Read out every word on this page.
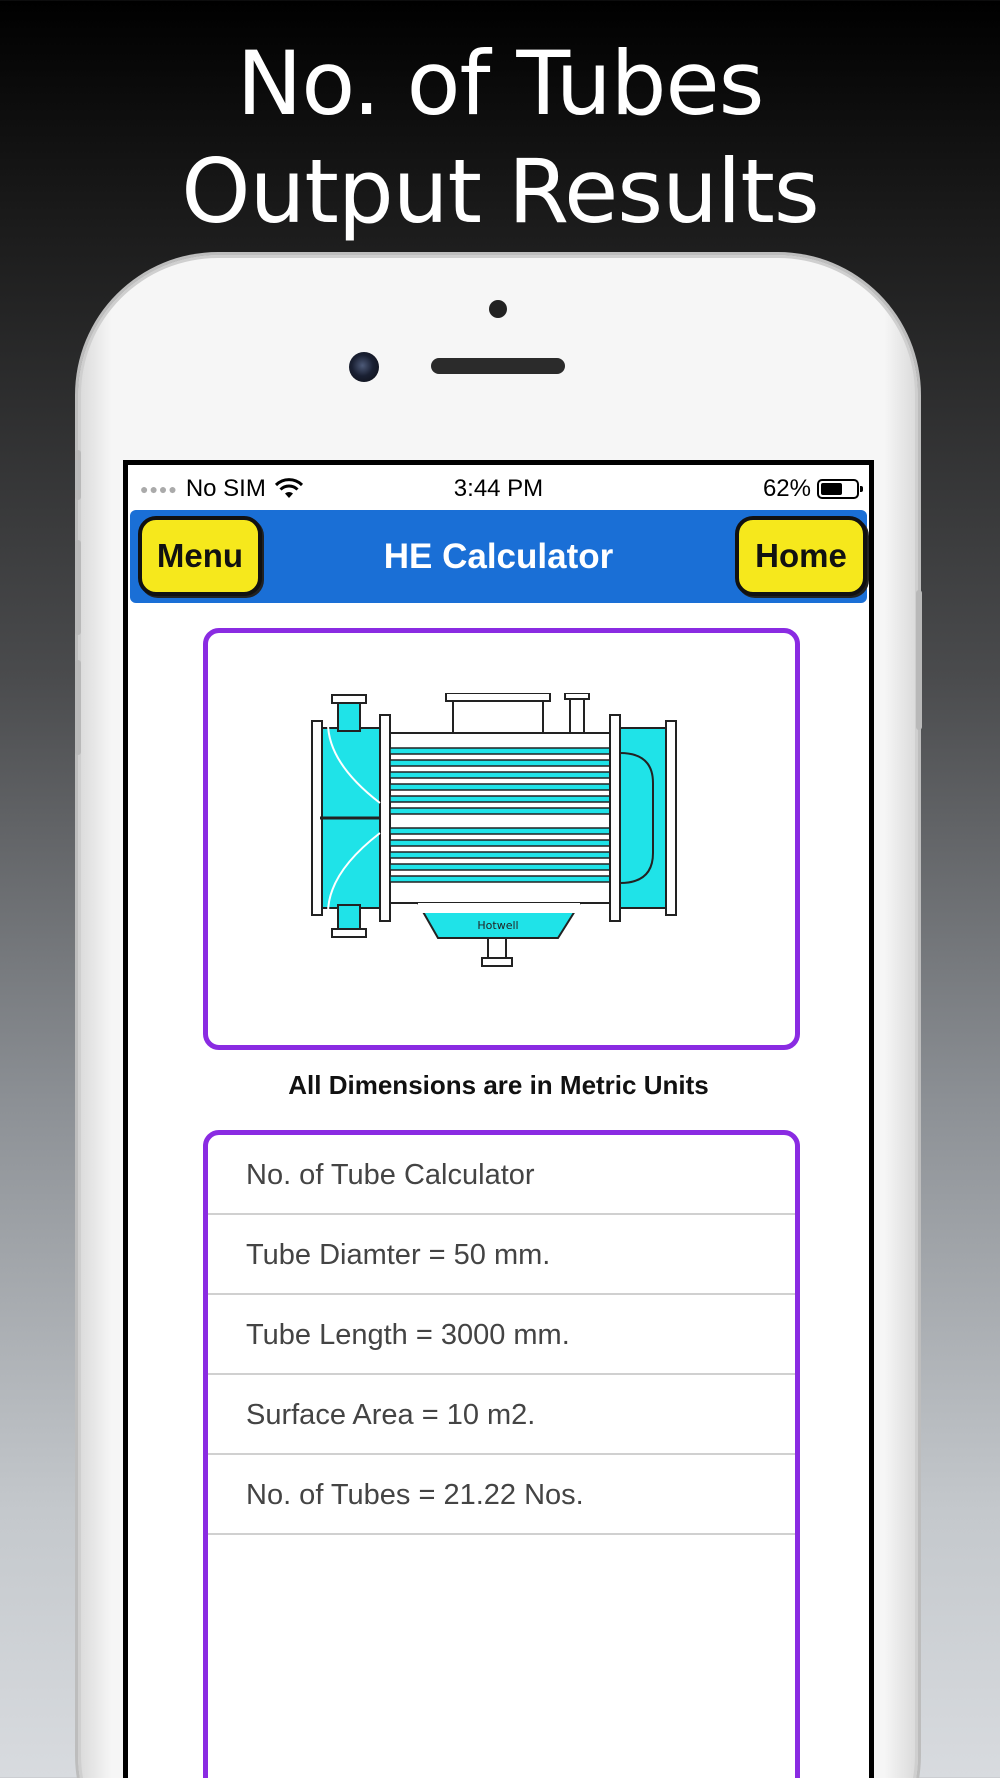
No. of Tubes
Output Results
●●●● No SIM	3:44 PM	62%
HE Calculator
Menu	Home
Hotwell
All Dimensions are in Metric Units
No. of Tube Calculator
Tube Diamter = 50 mm.
Tube Length = 3000 mm.
Surface Area = 10 m2.
No. of Tubes = 21.22 Nos.
